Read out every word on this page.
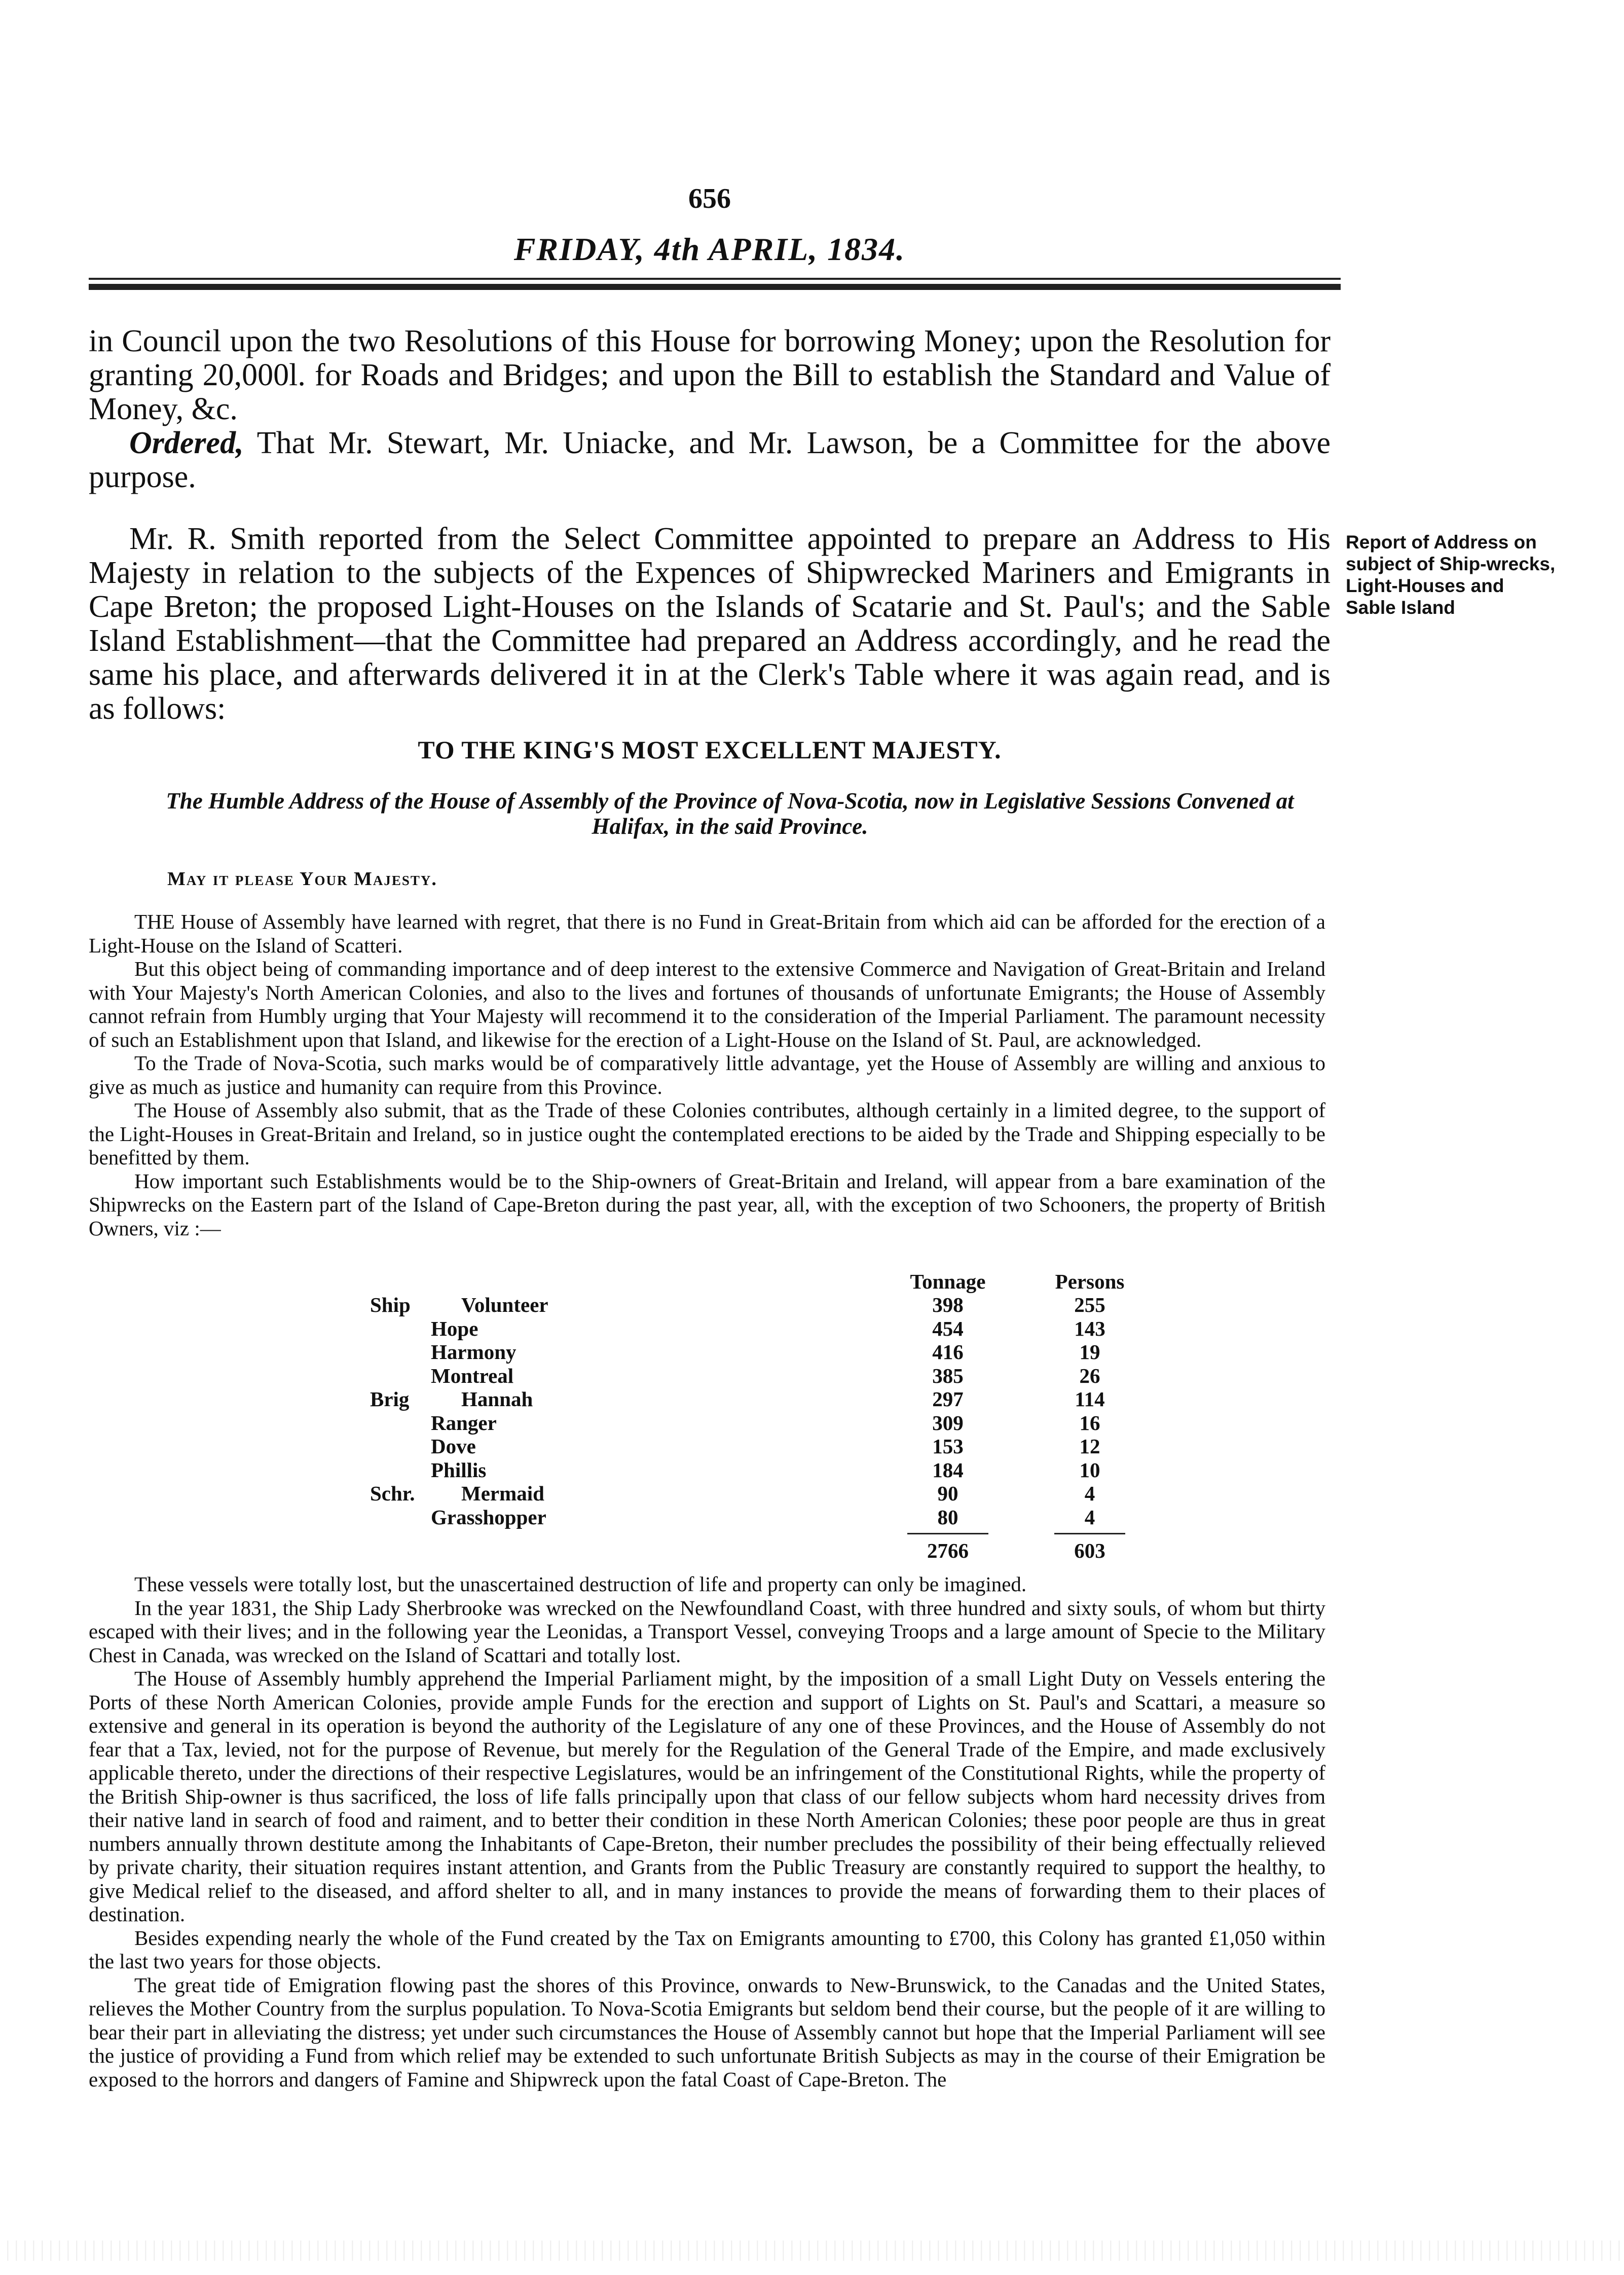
656
FRIDAY, 4th APRIL, 1834.
in Council upon the two Resolutions of this House for borrowing Money; upon the Resolution for granting 20,000l. for Roads and Bridges; and upon the Bill to establish the Standard and Value of Money, &c.
Ordered, That Mr. Stewart, Mr. Uniacke, and Mr. Lawson, be a Committee for the above purpose.
Mr. R. Smith reported from the Select Committee appointed to prepare an Address to His Majesty in relation to the subjects of the Expences of Shipwrecked Mariners and Emigrants in Cape Breton; the proposed Light-Houses on the Islands of Scatarie and St. Paul's; and the Sable Island Establishment—that the Committee had prepared an Address accordingly, and he read the same his place, and afterwards delivered it in at the Clerk's Table where it was again read, and is as follows:
Report of Address on subject of Ship-wrecks, Light-Houses and Sable Island
TO THE KING'S MOST EXCELLENT MAJESTY.
The Humble Address of the House of Assembly of the Province of Nova-Scotia, now in Legislative Sessions Convened at Halifax, in the said Province.
May it please Your Majesty.

THE House of Assembly have learned with regret, that there is no Fund in Great-Britain from which aid can be afforded for the erection of a Light-House on the Island of Scatteri.

But this object being of commanding importance and of deep interest to the extensive Commerce and Navigation of Great-Britain and Ireland with Your Majesty's North American Colonies, and also to the lives and fortunes of thousands of unfortunate Emigrants; the House of Assembly cannot refrain from Humbly urging that Your Majesty will recommend it to the consideration of the Imperial Parliament. The paramount necessity of such an Establishment upon that Island, and likewise for the erection of a Light-House on the Island of St. Paul, are acknowledged.

To the Trade of Nova-Scotia, such marks would be of comparatively little advantage, yet the House of Assembly are willing and anxious to give as much as justice and humanity can require from this Province.

The House of Assembly also submit, that as the Trade of these Colonies contributes, although certainly in a limited degree, to the support of the Light-Houses in Great-Britain and Ireland, so in justice ought the contemplated erections to be aided by the Trade and Shipping especially to be benefitted by them.

How important such Establishments would be to the Ship-owners of Great-Britain and Ireland, will appear from a bare examination of the Shipwrecks on the Eastern part of the Island of Cape-Breton during the past year, all, with the exception of two Schooners, the property of British Owners, viz :—

Tonnage	Persons
Ship	Volunteer	398	255
Hope	454	143
Harmony	416	19
Montreal	385	26
Brig	Hannah	297	114
Ranger	309	16
Dove	153	12
Phillis	184	10
Schr.	Mermaid	90	4
Grasshopper	80	4
2766	603

These vessels were totally lost, but the unascertained destruction of life and property can only be imagined.

In the year 1831, the Ship Lady Sherbrooke was wrecked on the Newfoundland Coast, with three hundred and sixty souls, of whom but thirty escaped with their lives; and in the following year the Leonidas, a Transport Vessel, conveying Troops and a large amount of Specie to the Military Chest in Canada, was wrecked on the Island of Scattari and totally lost.

The House of Assembly humbly apprehend the Imperial Parliament might, by the imposition of a small Light Duty on Vessels entering the Ports of these North American Colonies, provide ample Funds for the erection and support of Lights on St. Paul's and Scattari, a measure so extensive and general in its operation is beyond the authority of the Legislature of any one of these Provinces, and the House of Assembly do not fear that a Tax, levied, not for the purpose of Revenue, but merely for the Regulation of the General Trade of the Empire, and made exclusively applicable thereto, under the directions of their respective Legislatures, would be an infringement of the Constitutional Rights, while the property of the British Ship-owner is thus sacrificed, the loss of life falls principally upon that class of our fellow subjects whom hard necessity drives from their native land in search of food and raiment, and to better their condition in these North American Colonies; these poor people are thus in great numbers annually thrown destitute among the Inhabitants of Cape-Breton, their number precludes the possibility of their being effectually relieved by private charity, their situation requires instant attention, and Grants from the Public Treasury are constantly required to support the healthy, to give Medical relief to the diseased, and afford shelter to all, and in many instances to provide the means of forwarding them to their places of destination.

Besides expending nearly the whole of the Fund created by the Tax on Emigrants amounting to £700, this Colony has granted £1,050 within the last two years for those objects.

The great tide of Emigration flowing past the shores of this Province, onwards to New-Brunswick, to the Canadas and the United States, relieves the Mother Country from the surplus population. To Nova-Scotia Emigrants but seldom bend their course, but the people of it are willing to bear their part in alleviating the distress; yet under such circumstances the House of Assembly cannot but hope that the Imperial Parliament will see the justice of providing a Fund from which relief may be extended to such unfortunate British Subjects as may in the course of their Emigration be exposed to the horrors and dangers of Famine and Shipwreck upon the fatal Coast of Cape-Breton. The
